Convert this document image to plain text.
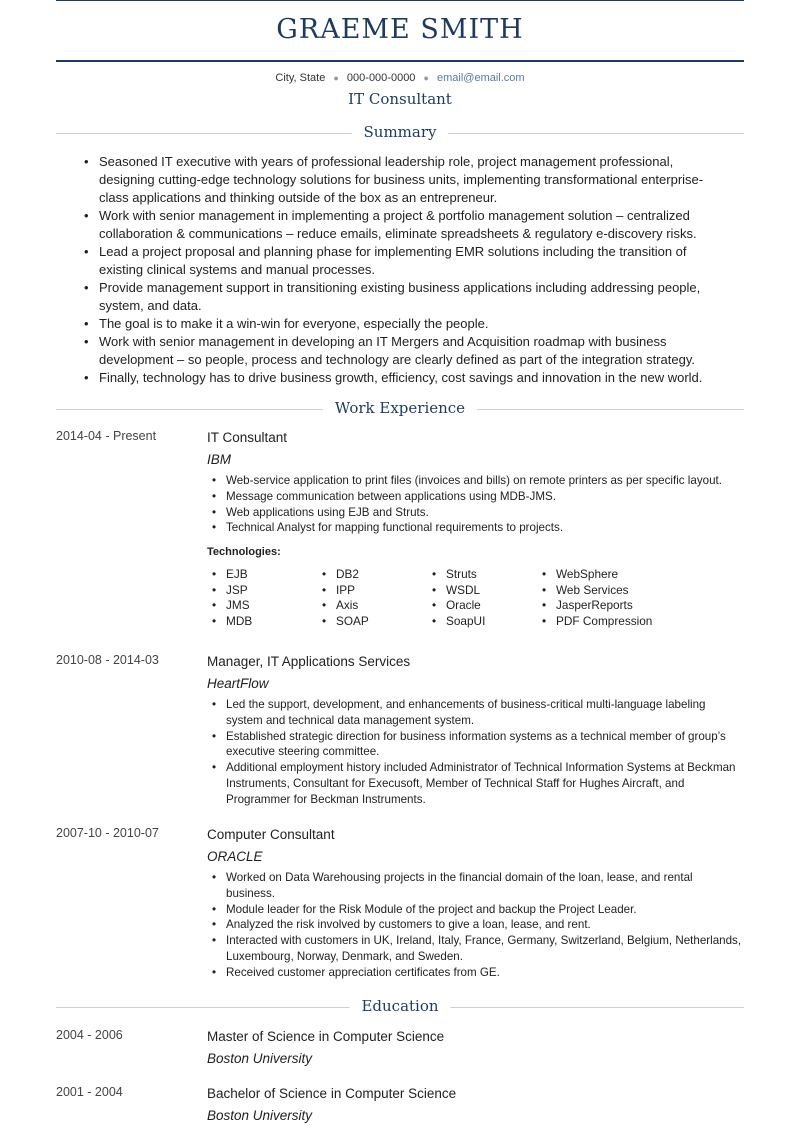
GRAEME SMITH
City, State ● 000-000-0000 ● email@email.com
IT Consultant
Summary
• Seasoned IT executive with years of professional leadership role, project management professional, designing cutting-edge technology solutions for business units, implementing transformational enterprise-class applications and thinking outside of the box as an entrepreneur.
• Work with senior management in implementing a project & portfolio management solution – centralized collaboration & communications – reduce emails, eliminate spreadsheets & regulatory e-discovery risks.
• Lead a project proposal and planning phase for implementing EMR solutions including the transition of existing clinical systems and manual processes.
• Provide management support in transitioning existing business applications including addressing people, system, and data.
• The goal is to make it a win-win for everyone, especially the people.
• Work with senior management in developing an IT Mergers and Acquisition roadmap with business development – so people, process and technology are clearly defined as part of the integration strategy.
• Finally, technology has to drive business growth, efficiency, cost savings and innovation in the new world.
Work Experience
2014-04 - Present	IT Consultant
IBM
• Web-service application to print files (invoices and bills) on remote printers as per specific layout.
• Message communication between applications using MDB-JMS.
• Web applications using EJB and Struts.
• Technical Analyst for mapping functional requirements to projects.
Technologies:
• EJB	• DB2	• Struts	• WebSphere
• JSP	• IPP	• WSDL	• Web Services
• JMS	• Axis	• Oracle	• JasperReports
• MDB	• SOAP	• SoapUI	• PDF Compression
2010-08 - 2014-03	Manager, IT Applications Services
HeartFlow
• Led the support, development, and enhancements of business-critical multi-language labeling system and technical data management system.
• Established strategic direction for business information systems as a technical member of group’s executive steering committee.
• Additional employment history included Administrator of Technical Information Systems at Beckman Instruments, Consultant for Execusoft, Member of Technical Staff for Hughes Aircraft, and Programmer for Beckman Instruments.
2007-10 - 2010-07	Computer Consultant
ORACLE
• Worked on Data Warehousing projects in the financial domain of the loan, lease, and rental business.
• Module leader for the Risk Module of the project and backup the Project Leader.
• Analyzed the risk involved by customers to give a loan, lease, and rent.
• Interacted with customers in UK, Ireland, Italy, France, Germany, Switzerland, Belgium, Netherlands, Luxembourg, Norway, Denmark, and Sweden.
• Received customer appreciation certificates from GE.
Education
2004 - 2006	Master of Science in Computer Science
Boston University
2001 - 2004	Bachelor of Science in Computer Science
Boston University
